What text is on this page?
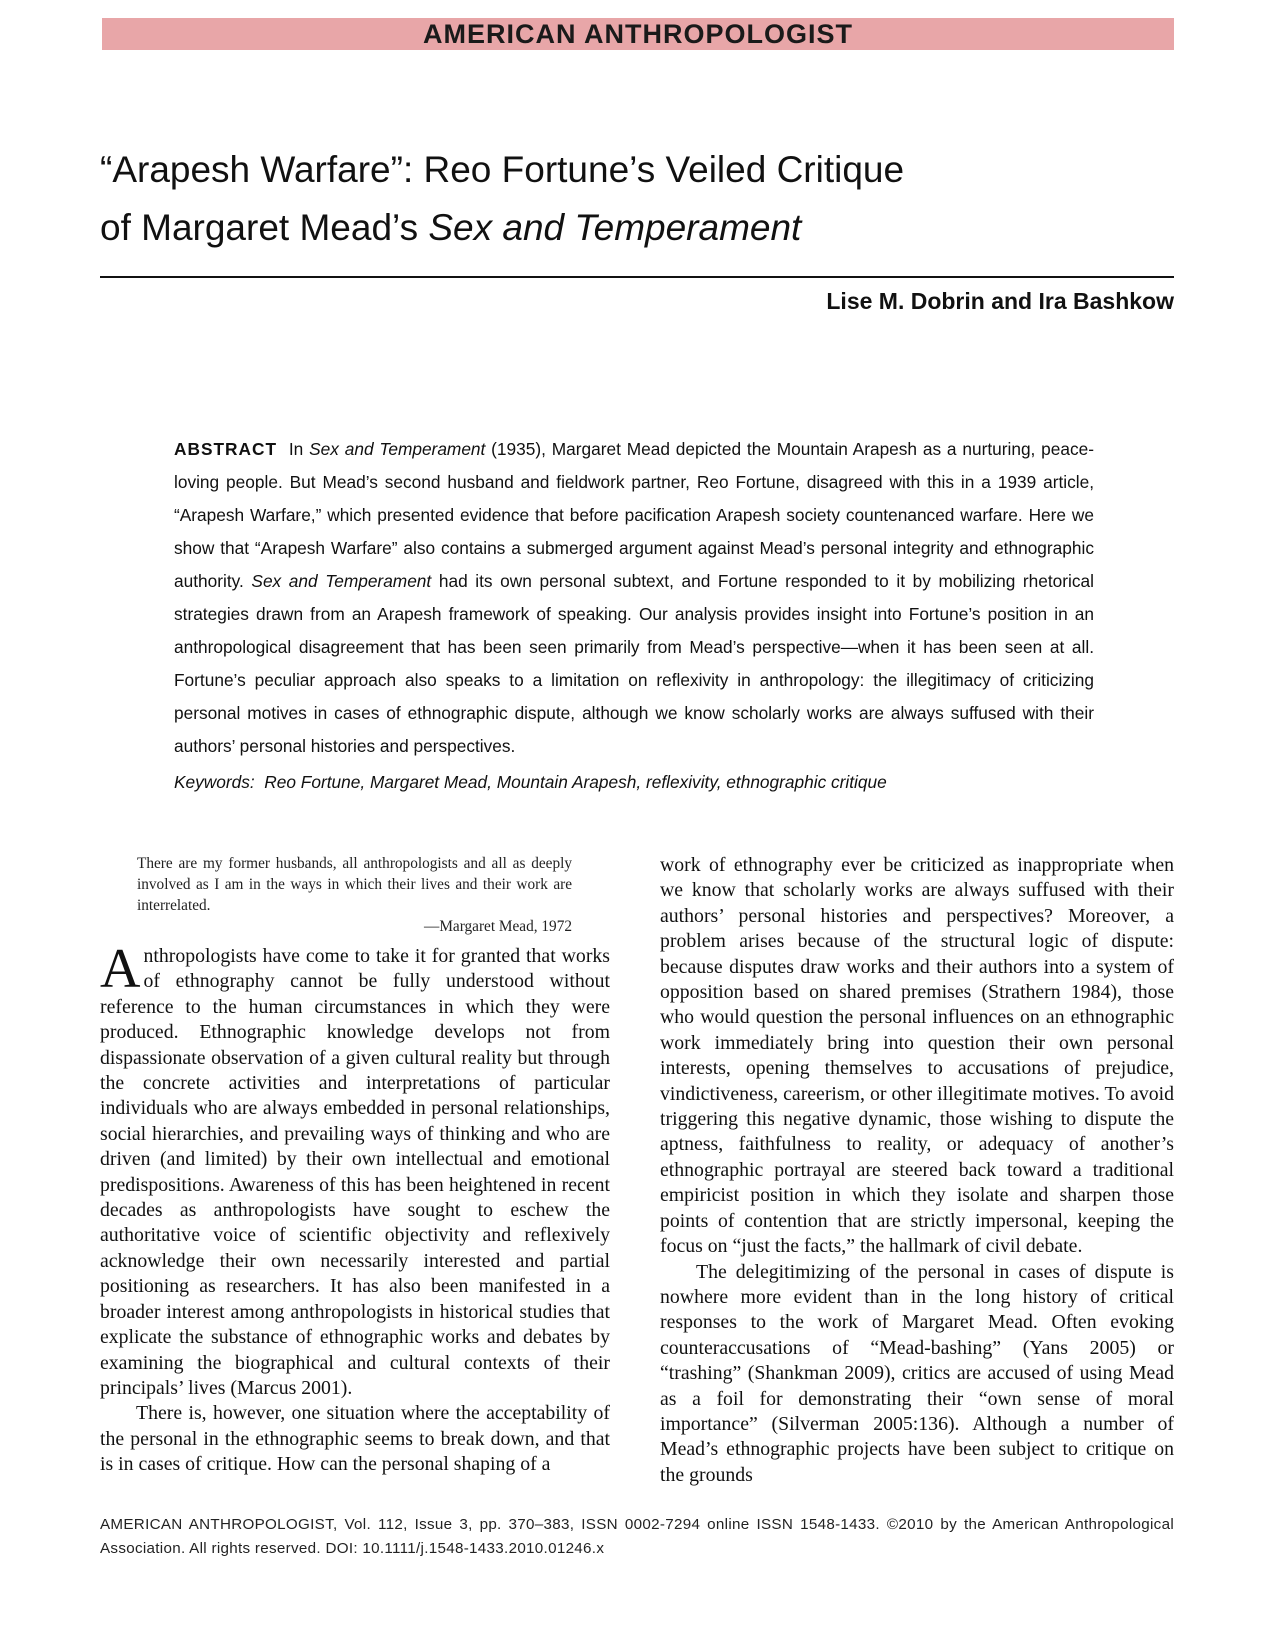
AMERICAN ANTHROPOLOGIST
“Arapesh Warfare”: Reo Fortune’s Veiled Critique
of Margaret Mead’s Sex and Temperament
Lise M. Dobrin and Ira Bashkow
ABSTRACT In Sex and Temperament (1935), Margaret Mead depicted the Mountain Arapesh as a nurturing, peace-loving people. But Mead’s second husband and fieldwork partner, Reo Fortune, disagreed with this in a 1939 article, “Arapesh Warfare,” which presented evidence that before pacification Arapesh society countenanced warfare. Here we show that “Arapesh Warfare” also contains a submerged argument against Mead’s personal integrity and ethnographic authority. Sex and Temperament had its own personal subtext, and Fortune responded to it by mobilizing rhetorical strategies drawn from an Arapesh framework of speaking. Our analysis provides insight into Fortune’s position in an anthropological disagreement that has been seen primarily from Mead’s perspective—when it has been seen at all. Fortune’s peculiar approach also speaks to a limitation on reflexivity in anthropology: the illegitimacy of criticizing personal motives in cases of ethnographic dispute, although we know scholarly works are always suffused with their authors’ personal histories and perspectives.
Keywords: Reo Fortune, Margaret Mead, Mountain Arapesh, reflexivity, ethnographic critique

There are my former husbands, all anthropologists and all as deeply involved as I am in the ways in which their lives and their work are interrelated.

—Margaret Mead, 1972

Anthropologists have come to take it for granted that works of ethnography cannot be fully understood without reference to the human circumstances in which they were produced. Ethnographic knowledge develops not from dispassionate observation of a given cultural reality but through the concrete activities and interpretations of particular individuals who are always embedded in personal relationships, social hierarchies, and prevailing ways of thinking and who are driven (and limited) by their own intellectual and emotional predispositions. Awareness of this has been heightened in recent decades as anthropologists have sought to eschew the authoritative voice of scientific objectivity and reflexively acknowledge their own necessarily interested and partial positioning as researchers. It has also been manifested in a broader interest among anthropologists in historical studies that explicate the substance of ethnographic works and debates by examining the biographical and cultural contexts of their principals’ lives (Marcus 2001).

There is, however, one situation where the acceptability of the personal in the ethnographic seems to break down, and that is in cases of critique. How can the personal shaping of a

work of ethnography ever be criticized as inappropriate when we know that scholarly works are always suffused with their authors’ personal histories and perspectives? Moreover, a problem arises because of the structural logic of dispute: because disputes draw works and their authors into a system of opposition based on shared premises (Strathern 1984), those who would question the personal influences on an ethnographic work immediately bring into question their own personal interests, opening themselves to accusations of prejudice, vindictiveness, careerism, or other illegitimate motives. To avoid triggering this negative dynamic, those wishing to dispute the aptness, faithfulness to reality, or adequacy of another’s ethnographic portrayal are steered back toward a traditional empiricist position in which they isolate and sharpen those points of contention that are strictly impersonal, keeping the focus on “just the facts,” the hallmark of civil debate.

The delegitimizing of the personal in cases of dispute is nowhere more evident than in the long history of critical responses to the work of Margaret Mead. Often evoking counteraccusations of “Mead-bashing” (Yans 2005) or “trashing” (Shankman 2009), critics are accused of using Mead as a foil for demonstrating their “own sense of moral importance” (Silverman 2005:136). Although a number of Mead’s ethnographic projects have been subject to critique on the grounds

AMERICAN ANTHROPOLOGIST, Vol. 112, Issue 3, pp. 370–383, ISSN 0002-7294 online ISSN 1548-1433. ©2010 by the American Anthropological Association. All rights reserved. DOI: 10.1111/j.1548-1433.2010.01246.x
